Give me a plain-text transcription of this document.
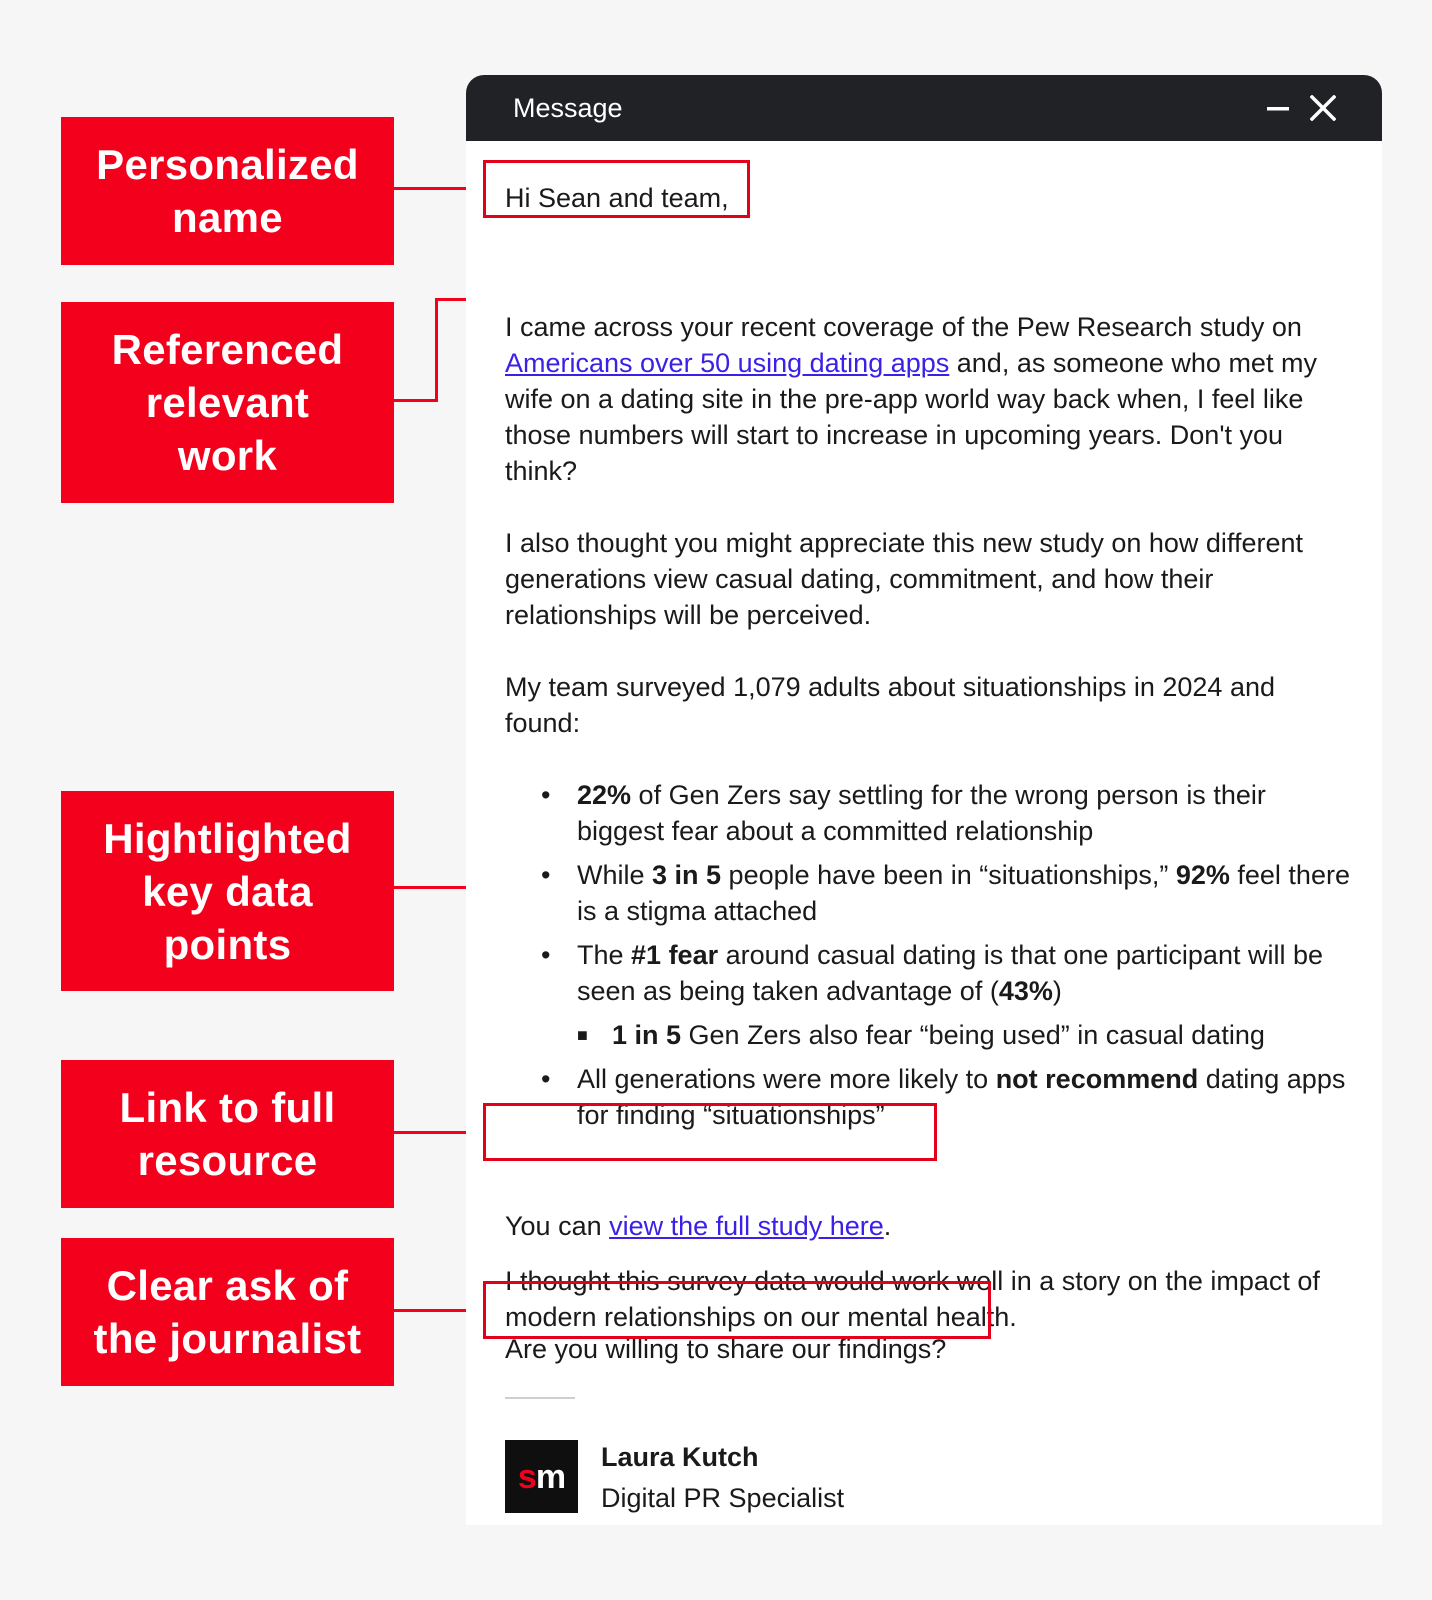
Personalized
name
Referenced
relevant
work
Hightlighted
key data
points
Link to full
resource
Clear ask of
the journalist
Message

Hi Sean and team,

I came across your recent coverage of the Pew Research study on Americans over 50 using dating apps and, as someone who met my wife on a dating site in the pre-app world way back when, I feel like those numbers will start to increase in upcoming years. Don't you think?

I also thought you might appreciate this new study on how different generations view casual dating, commitment, and how their relationships will be perceived.

My team surveyed 1,079 adults about situationships in 2024 and found:

• 22% of Gen Zers say settling for the wrong person is their biggest fear about a committed relationship
• While 3 in 5 people have been in “situationships,” 92% feel there is a stigma attached
• The #1 fear around casual dating is that one participant will be seen as being taken advantage of (43%)
■ 1 in 5 Gen Zers also fear “being used” in casual dating
• All generations were more likely to not recommend dating apps for finding “situationships”

You can view the full study here.

I thought this survey data would work well in a story on the impact of modern relationships on our mental health.

Are you willing to share our findings?

s m
Laura Kutch
Digital PR Specialist
